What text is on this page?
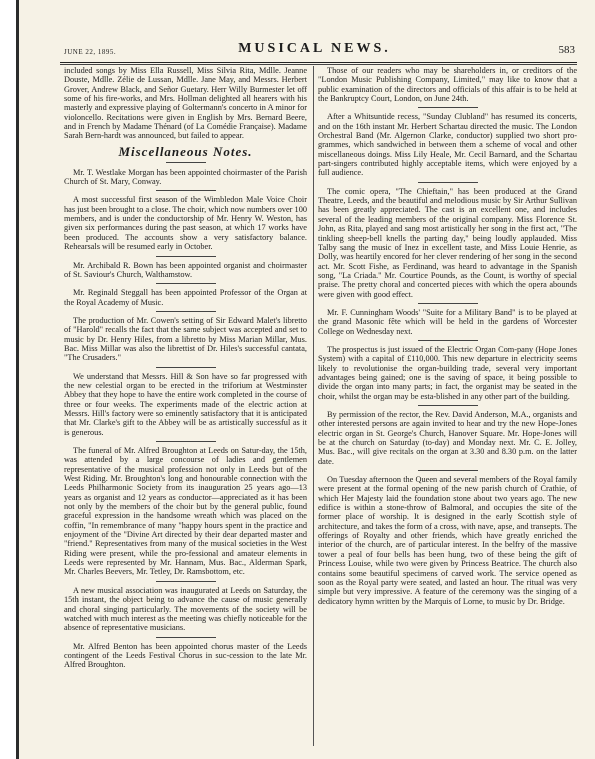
JUNE 22, 1895.	MUSICAL NEWS.	583

included songs by Miss Ella Russell, Miss Silvia Rita, Mdlle. Jeanne Douste, Mdlle. Zélie de Lussan, Mdlle. Jane May, and Messrs. Herbert Grover, Andrew Black, and Señor Guetary. Herr Willy Burmester let off some of his fire-works, and Mrs. Hollman delighted all hearers with his masterly and expressive playing of Goltermann's concerto in A minor for violoncello. Recitations were given in English by Mrs. Bernard Beere, and in French by Madame Thénard (of La Comédie Française). Madame Sarah Bern-hardt was announced, but failed to appear.

Miscellaneous Notes.

Mr. T. Westlake Morgan has been appointed choirmaster of the Parish Church of St. Mary, Conway.

A most successful first season of the Wimbledon Male Voice Choir has just been brought to a close. The choir, which now numbers over 100 members, and is under the conductorship of Mr. Henry W. Weston, has given six performances during the past season, at which 17 works have been produced. The accounts show a very satisfactory balance. Rehearsals will be resumed early in October.

Mr. Archibald R. Bown has been appointed organist and choirmaster of St. Saviour's Church, Walthamstow.

Mr. Reginald Steggall has been appointed Professor of the Organ at the Royal Academy of Music.

The production of Mr. Cowen's setting of Sir Edward Malet's libretto of "Harold" recalls the fact that the same subject was accepted and set to music by Dr. Henry Hiles, from a libretto by Miss Marian Millar, Mus. Bac. Miss Millar was also the librettist of Dr. Hiles's successful cantata, "The Crusaders."

We understand that Messrs. Hill & Son have so far progressed with the new celestial organ to be erected in the triforium at Westminster Abbey that they hope to have the entire work completed in the course of three or four weeks. The experiments made of the electric action at Messrs. Hill's factory were so eminently satisfactory that it is anticipated that Mr. Clarke's gift to the Abbey will be as artistically successful as it is generous.

The funeral of Mr. Alfred Broughton at Leeds on Satur-day, the 15th, was attended by a large concourse of ladies and gentlemen representative of the musical profession not only in Leeds but of the West Riding. Mr. Broughton's long and honourable connection with the Leeds Philharmonic Society from its inauguration 25 years ago—13 years as organist and 12 years as conductor—appreciated as it has been not only by the members of the choir but by the general public, found graceful expression in the handsome wreath which was placed on the coffin, "In remembrance of many "happy hours spent in the practice and enjoyment of the "Divine Art directed by their dear departed master and "friend." Representatives from many of the musical societies in the West Riding were present, while the pro-fessional and amateur elements in Leeds were represented by Mr. Hannam, Mus. Bac., Alderman Spark, Mr. Charles Beevers, Mr. Tetley, Dr. Ramsbottom, etc.

A new musical association was inaugurated at Leeds on Saturday, the 15th instant, the object being to advance the cause of music generally and choral singing particularly. The movements of the society will be watched with much interest as the meeting was chiefly noticeable for the absence of representative musicians.

Mr. Alfred Benton has been appointed chorus master of the Leeds contingent of the Leeds Festival Chorus in suc-cession to the late Mr. Alfred Broughton.

Those of our readers who may be shareholders in, or creditors of the "London Music Publishing Company, Limited," may like to know that a public examination of the directors and officials of this affair is to be held at the Bankruptcy Court, London, on June 24th.

After a Whitsuntide recess, "Sunday Clubland" has resumed its concerts, and on the 16th instant Mr. Herbert Schartau directed the music. The London Orchestral Band (Mr. Algernon Clarke, conductor) supplied two short pro-grammes, which sandwiched in between them a scheme of vocal and other miscellaneous doings. Miss Lily Heale, Mr. Cecil Barnard, and the Schartau part-singers contributed highly acceptable items, which were enjoyed by a full audience.

The comic opera, "The Chieftain," has been produced at the Grand Theatre, Leeds, and the beautiful and melodious music by Sir Arthur Sullivan has been greatly appreciated. The cast is an excellent one, and includes several of the leading members of the original company. Miss Florence St. John, as Rita, played and sang most artistically her song in the first act, "The tinkling sheep-bell knells the parting day," being loudly applauded. Miss Talby sang the music of Inez in excellent taste, and Miss Louie Henrie, as Dolly, was heartily encored for her clever rendering of her song in the second act. Mr. Scott Fishe, as Ferdinand, was heard to advantage in the Spanish song, "La Criada." Mr. Courtice Pounds, as the Count, is worthy of special praise. The pretty choral and concerted pieces with which the opera abounds were given with good effect.

Mr. F. Cunningham Woods' "Suite for a Military Band" is to be played at the grand Masonic fête which will be held in the gardens of Worcester College on Wednesday next.

The prospectus is just issued of the Electric Organ Com-pany (Hope Jones System) with a capital of £110,000. This new departure in electricity seems likely to revolutionise the organ-building trade, several very important advantages being gained; one is the saving of space, it being possible to divide the organ into many parts; in fact, the organist may be seated in the choir, whilst the organ may be esta-blished in any other part of the building.

By permission of the rector, the Rev. David Anderson, M.A., organists and other interested persons are again invited to hear and try the new Hope-Jones electric organ in St. George's Church, Hanover Square. Mr. Hope-Jones will be at the church on Saturday (to-day) and Monday next. Mr. C. E. Jolley, Mus. Bac., will give recitals on the organ at 3.30 and 8.30 p.m. on the latter date.

On Tuesday afternoon the Queen and several members of the Royal family were present at the formal opening of the new parish church of Crathie, of which Her Majesty laid the foundation stone about two years ago. The new edifice is within a stone-throw of Balmoral, and occupies the site of the former place of worship. It is designed in the early Scottish style of architecture, and takes the form of a cross, with nave, apse, and transepts. The offerings of Royalty and other friends, which have greatly enriched the interior of the church, are of particular interest. In the belfry of the massive tower a peal of four bells has been hung, two of these being the gift of Princess Louise, while two were given by Princess Beatrice. The church also contains some beautiful specimens of carved work. The service opened as soon as the Royal party were seated, and lasted an hour. The ritual was very simple but very impressive. A feature of the ceremony was the singing of a dedicatory hymn written by the Marquis of Lorne, to music by Dr. Bridge.
